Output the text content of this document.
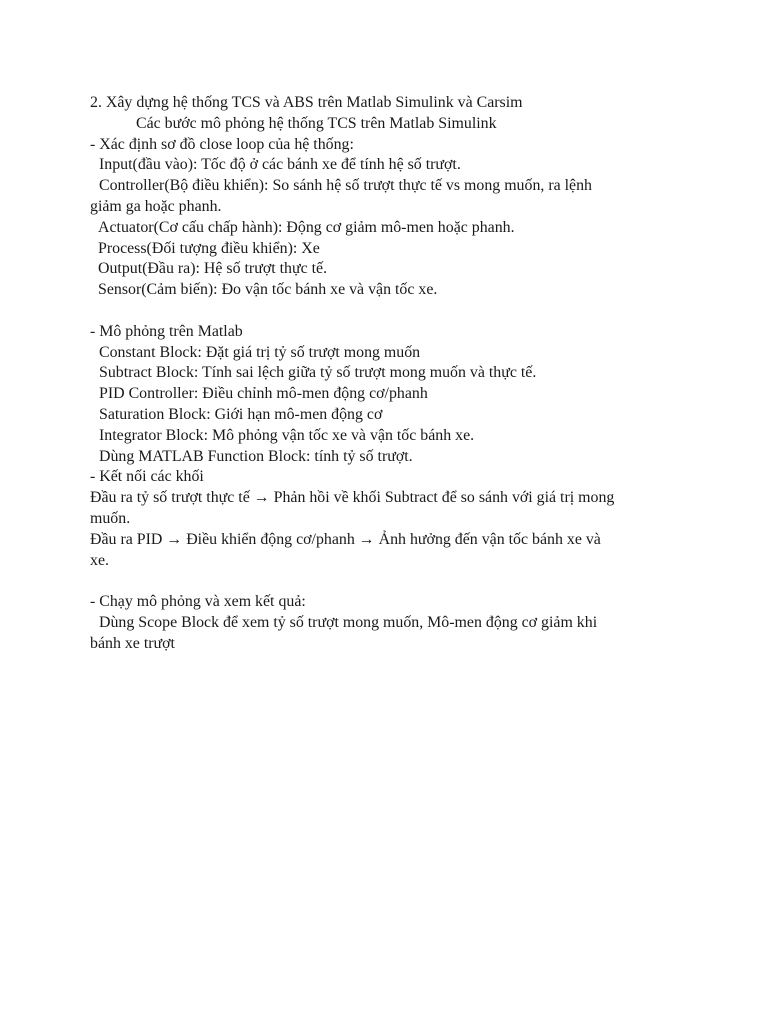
2. Xây dựng hệ thống TCS và ABS trên Matlab Simulink và Carsim
Các bước mô phỏng hệ thống TCS trên Matlab Simulink
- Xác định sơ đồ close loop của hệ thống:
Input(đầu vào): Tốc độ ở các bánh xe để tính hệ số trượt.
Controller(Bộ điều khiển): So sánh hệ số trượt thực tế vs mong muốn, ra lệnh
giảm ga hoặc phanh.
Actuator(Cơ cấu chấp hành): Động cơ giảm mô-men hoặc phanh.
Process(Đối tượng điều khiển): Xe
Output(Đầu ra): Hệ số trượt thực tế.
Sensor(Cảm biến): Đo vận tốc bánh xe và vận tốc xe.
- Mô phỏng trên Matlab
Constant Block: Đặt giá trị tỷ số trượt mong muốn
Subtract Block: Tính sai lệch giữa tỷ số trượt mong muốn và thực tế.
PID Controller: Điều chỉnh mô-men động cơ/phanh
Saturation Block: Giới hạn mô-men động cơ
Integrator Block: Mô phỏng vận tốc xe và vận tốc bánh xe.
Dùng MATLAB Function Block: tính tỷ số trượt.
- Kết nối các khối
Đầu ra tỷ số trượt thực tế → Phản hồi về khối Subtract để so sánh với giá trị mong
muốn.
Đầu ra PID → Điều khiển động cơ/phanh → Ảnh hưởng đến vận tốc bánh xe và
xe.
- Chạy mô phỏng và xem kết quả:
Dùng Scope Block để xem tỷ số trượt mong muốn, Mô-men động cơ giảm khi
bánh xe trượt
